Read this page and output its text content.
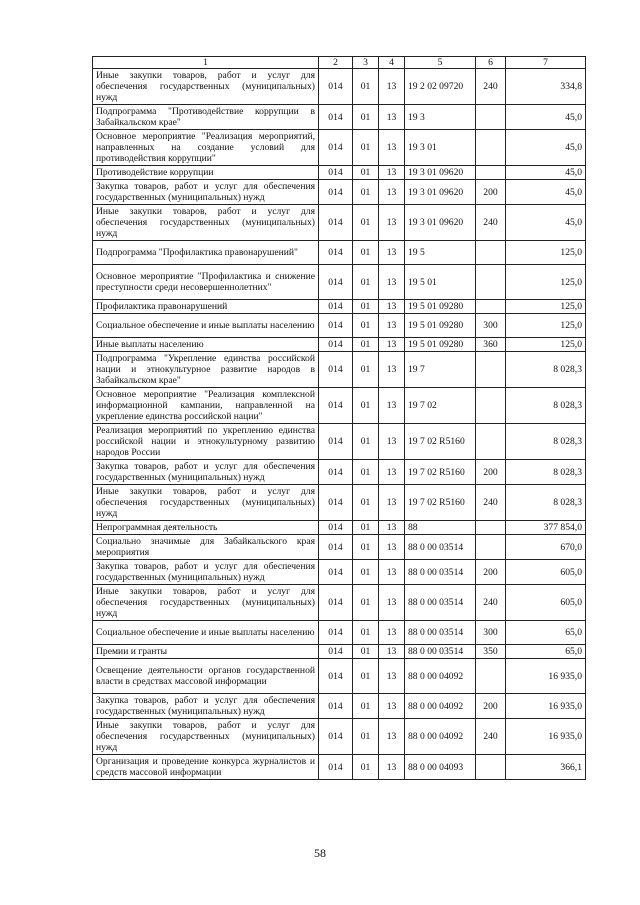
1	2	3	4	5	6	7
Иные закупки товаров, работ и услуг для обеспечения государственных (муниципальных) нужд	014	01	13	19 2 02 09720	240	334,8
Подпрограмма "Противодействие коррупции в Забайкальском крае"	014	01	13	19 3		45,0
Основное мероприятие "Реализация мероприятий, направленных на создание условий для противодействия коррупции"	014	01	13	19 3 01		45,0
Противодействие коррупции	014	01	13	19 3 01 09620		45,0
Закупка товаров, работ и услуг для обеспечения государственных (муниципальных) нужд	014	01	13	19 3 01 09620	200	45,0
Иные закупки товаров, работ и услуг для обеспечения государственных (муниципальных) нужд	014	01	13	19 3 01 09620	240	45,0
Подпрограмма "Профилактика правонарушений"	014	01	13	19 5		125,0
Основное мероприятие "Профилактика и снижение преступности среди несовершеннолетних"	014	01	13	19 5 01		125,0
Профилактика правонарушений	014	01	13	19 5 01 09280		125,0
Социальное обеспечение и иные выплаты населению	014	01	13	19 5 01 09280	300	125,0
Иные выплаты населению	014	01	13	19 5 01 09280	360	125,0
Подпрограмма "Укрепление единства российской нации и этнокультурное развитие народов в Забайкальском крае"	014	01	13	19 7		8 028,3
Основное мероприятие "Реализация комплексной информационной кампании, направленной на укрепление единства российской нации"	014	01	13	19 7 02		8 028,3
Реализация мероприятий по укреплению единства российской нации и этнокультурному развитию народов России	014	01	13	19 7 02 R5160		8 028,3
Закупка товаров, работ и услуг для обеспечения государственных (муниципальных) нужд	014	01	13	19 7 02 R5160	200	8 028,3
Иные закупки товаров, работ и услуг для обеспечения государственных (муниципальных) нужд	014	01	13	19 7 02 R5160	240	8 028,3
Непрограммная деятельность	014	01	13	88		377 854,0
Социально значимые для Забайкальского края мероприятия	014	01	13	88 0 00 03514		670,0
Закупка товаров, работ и услуг для обеспечения государственных (муниципальных) нужд	014	01	13	88 0 00 03514	200	605,0
Иные закупки товаров, работ и услуг для обеспечения государственных (муниципальных) нужд	014	01	13	88 0 00 03514	240	605,0
Социальное обеспечение и иные выплаты населению	014	01	13	88 0 00 03514	300	65,0
Премии и гранты	014	01	13	88 0 00 03514	350	65,0
Освещение деятельности органов государственной власти в средствах массовой информации	014	01	13	88 0 00 04092		16 935,0
Закупка товаров, работ и услуг для обеспечения государственных (муниципальных) нужд	014	01	13	88 0 00 04092	200	16 935,0
Иные закупки товаров, работ и услуг для обеспечения государственных (муниципальных) нужд	014	01	13	88 0 00 04092	240	16 935,0
Организация и проведение конкурса журналистов и средств массовой информации	014	01	13	88 0 00 04093		366,1
58
